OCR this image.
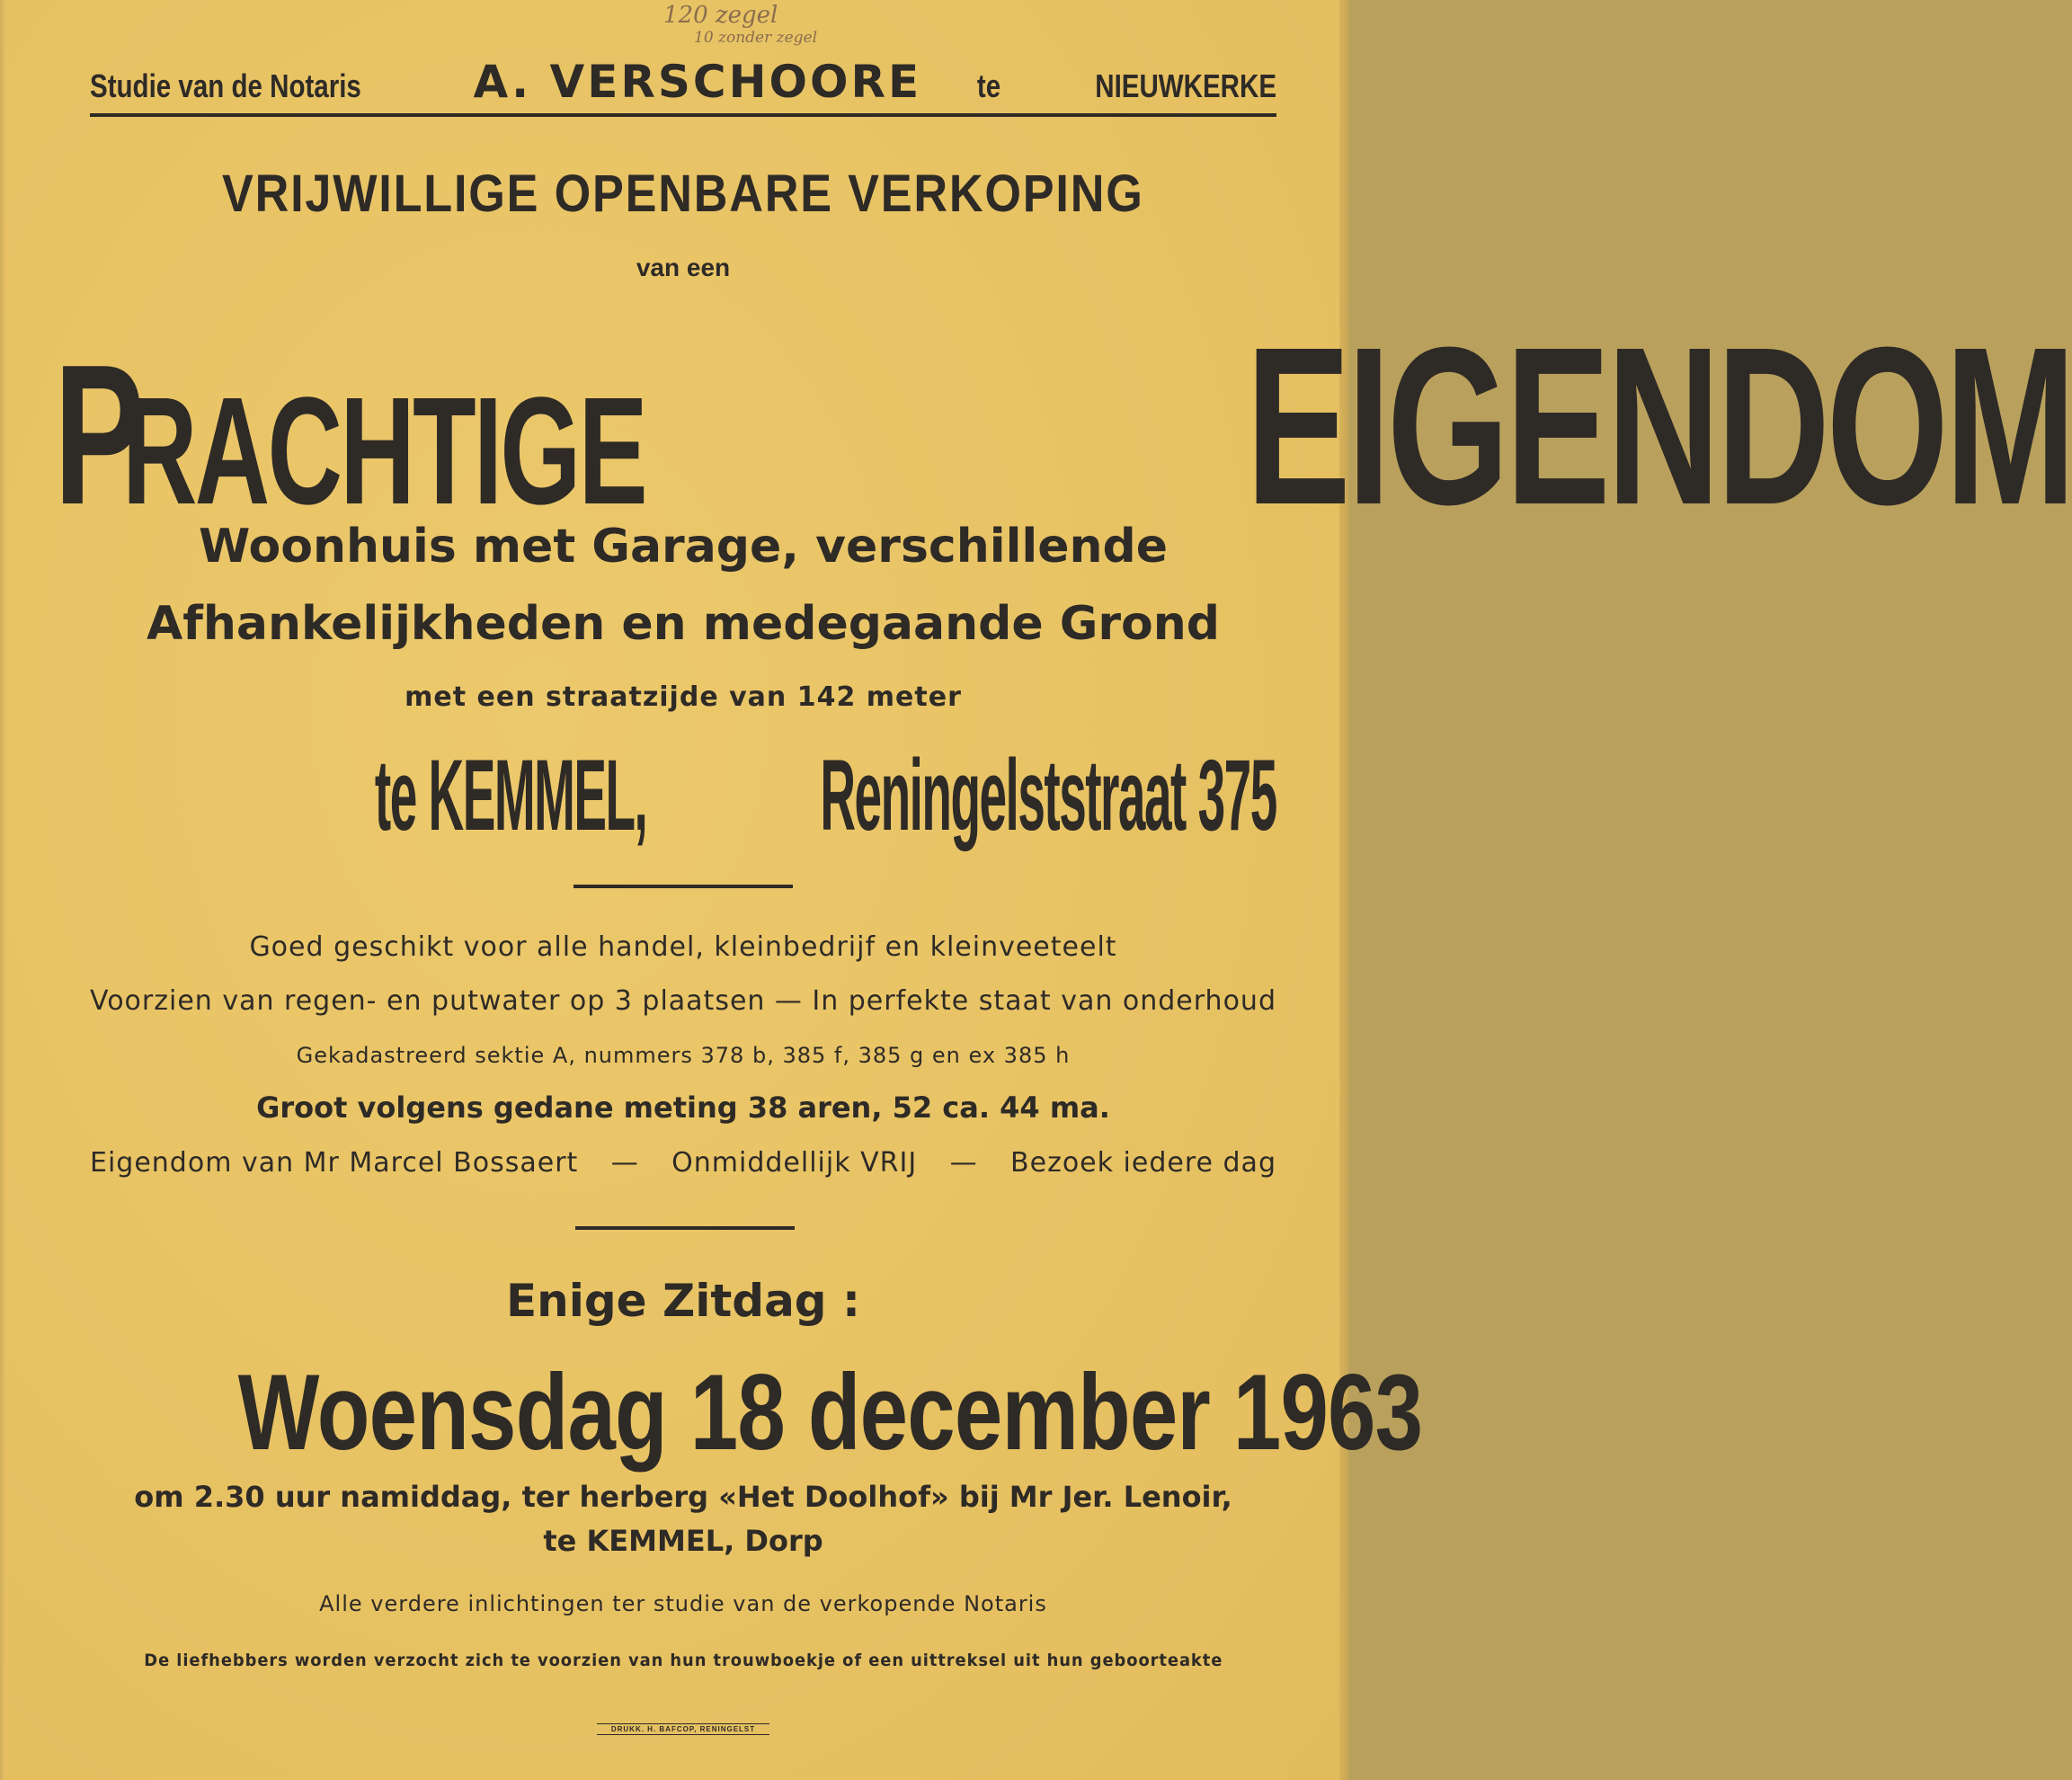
120 zegel
10 zonder zegel
Studie van de Notaris A. VERSCHOORE te	NIEUWKERKE
VRIJWILLIGE OPENBARE VERKOPING
van een
PRACHTIGE	EIGENDOM
Woonhuis met Garage, verschillende
Afhankelijkheden en medegaande Grond
met een straatzijde van 142 meter
te KEMMEL, Reningelststraat 375
Goed geschikt voor alle handel, kleinbedrijf en kleinveeteelt
Voorzien van regen- en putwater op 3 plaatsen — In perfekte staat van onderhoud
Gekadastreerd sektie A, nummers 378 b, 385 f, 385 g en ex 385 h
Groot volgens gedane meting 38 aren, 52 ca. 44 ma.
Eigendom van Mr Marcel Bossaert — Onmiddellijk VRIJ — Bezoek iedere dag
Enige Zitdag :
Woensdag 18 december 1963
om 2.30 uur namiddag, ter herberg «Het Doolhof» bij Mr Jer. Lenoir,
te KEMMEL, Dorp
Alle verdere inlichtingen ter studie van de verkopende Notaris
De liefhebbers worden verzocht zich te voorzien van hun trouwboekje of een uittreksel uit hun geboorteakte
DRUKK. H. BAFCOP, RENINGELST
